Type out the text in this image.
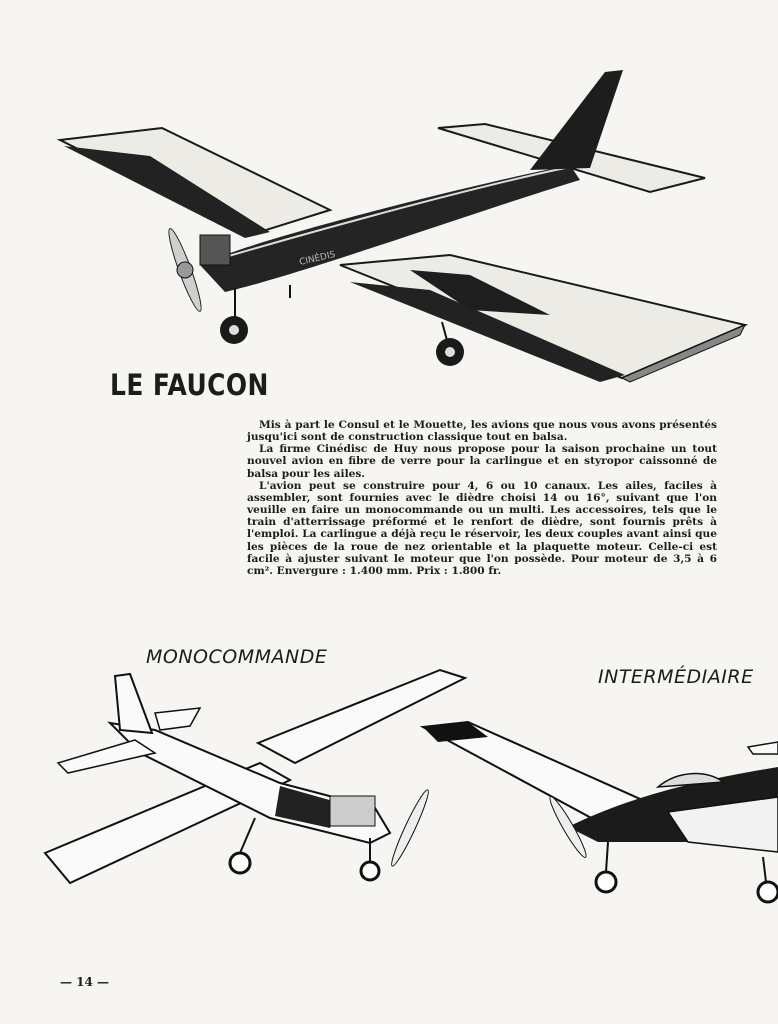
CINÉDIS
LE FAUCON

Mis à part le Consul et le Mouette, les avions que nous vous avons présentés jusqu'ici sont de construction classique tout en balsa.

La firme Cinédisc de Huy nous propose pour la saison prochaine un tout nouvel avion en fibre de verre pour la carlingue et en styropor caissonné de balsa pour les ailes.

L'avion peut se construire pour 4, 6 ou 10 canaux. Les ailes, faciles à assembler, sont fournies avec le dièdre choisi 14 ou 16°, suivant que l'on veuille en faire un monocommande ou un multi. Les accessoires, tels que le train d'atterrissage préformé et le renfort de dièdre, sont fournis prêts à l'emploi. La carlingue a déjà reçu le réservoir, les deux couples avant ainsi que les pièces de la roue de nez orientable et la plaquette moteur. Celle-ci est facile à ajuster suivant le moteur que l'on possède. Pour moteur de 3,5 à 6 cm². Envergure : 1.400 mm. Prix : 1.800 fr.

MONOCOMMANDE
INTERMÉDIAIRE
— 14 —
